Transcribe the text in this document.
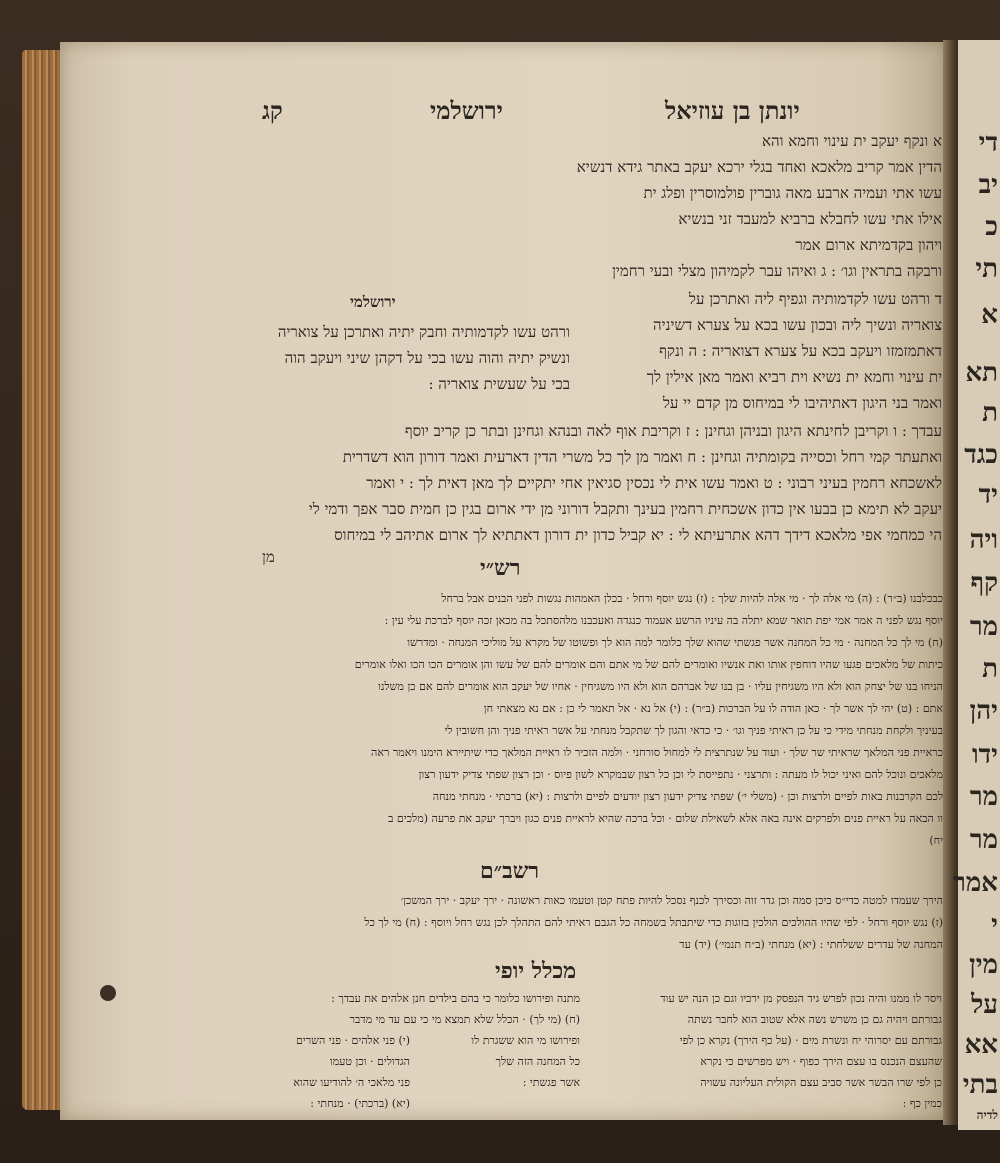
די
יב
כ
תי
א
תא
ת
כגד
יד
ויה
קף
מר
ת
יהן
ידו
מר
מר
אמר
י
מין
על
אא
בתי
לדיה
יונתן בן עוזיאל
ירושלמי
קג
א ונקף יעקב ית עינוי וחמא והא
הדין אמר קריב מלאכא ואחד בגלי ירכא יעקב באתר גידא דנשיא
עשו אתי ועמיה ארבע מאה גוברין פולמוסרין ופלג ית
אילו אתי עשו לחבלא ברביא למעבד זני בנשיא
ויהון בקדמיתא ארום אמר
ורבקה בתראין וגו׳ : ג ואיהו עבר לקמיהון מצלי ובעי רחמין
ד ורהט עשו לקדמותיה וגפיף ליה ואתרכן על
צואריה ונשיך ליה ובכון עשו בכא על צערא דשיניה
דאתמזמזו ויעקב בכא על צערא דצואריה : ה ונקף
ית עינוי וחמא ית נשיא וית רביא ואמר מאן אילין לך
ואמר בני היגון דאתיהיבו לי במיחוס מן קדם יי על
ירושלמי
ורהט עשו לקדמותיה וחבק יתיה ואתרכן על צואריה
ונשיק יתיה והוה עשו בכי על דקהן שיני ויעקב הוה
בכי על שעשית צואריה :
עבדך : ו וקריבן לחינתא היגון ובניהן וגחינן : ז וקריבת אוף לאה ובנהא וגחינן ובתר כן קריב יוסף
ואתעתר קמי רחל וכסייה בקומתיה וגחינן : ח ואמר מן לך כל משרי הדין דארעית ואמר דורון הוא דשדרית
לאשכחא רחמין בעיני רבוני : ט ואמר עשו אית לי נכסין סגיאין אחי יתקיים לך מאן דאית לך : י ואמר
יעקב לא תימא כן בבעו אין כדון אשכחית רחמין בעינך ותקבל דורוני מן ידי ארום בגין כן חמית סבר אפך ודמי לי
הי כמחמי אפי מלאכא דידך דהא אתרעיתא לי : יא קביל כדון ית דורון דאתתיא לך ארום אתיהב לי במיחוס
מן	רש״י
כבכלבנו (ב״ר) : (ה) מי אלה לך · מי אלה להיות שלך : (ז) נגש יוסף ורחל · בכלן האמהות נגשות לפני הבנים אבל ברחל
יוסף נגש לפני ה אמר אמי יפת תואר שמא יתלה בה עיניו הרשע אעמוד כנגדה ואעכבנו מלהסתכל בה מכאן זכה יוסף לברכת עלי עין :
(ח) מי לך כל המחנה · מי כל המחנה אשר פגשתי שהוא שלך כלומר למה הוא לך ופשוטו של מקרא על מוליכי המנחה · ומדרשו
כיתות של מלאכים פגעו שהיו דוחפין אותו ואת אנשיו ואומרים להם של מי אתם והם אומרים להם של עשו והן אומרים הכו הכו ואלו אומרים
הניחו בנו של יצחק הוא ולא היו משגיחין עליו · בן בנו של אברהם הוא ולא היו משגיחין · אחיו של יעקב הוא אומרים להם אם כן משלנו
אתם : (ט) יהי לך אשר לך · כאן הודה לו על הברכות (ב״ר) : (י) אל נא · אל תאמר לי כן : אם נא מצאתי חן
בעיניך ולקחת מנחתי מידי כי על כן ראיתי פניך וגו׳ · כי כדאי והגון לך שתקבל מנחתי על אשר ראיתי פניך והן חשובין לי
כראיית פני המלאך שראיתי שר שלך · ועוד על שנתרצית לי למחול סורחני · ולמה הזכיר לו ראיית המלאך כדי שיתיירא הימנו ויאמר ראה
מלאכים ונוכל להם ואיני יכול לו מעתה : ותרצני · נתפייסת לי וכן כל רצון שבמקרא לשון פיוס · וכן רצון שפתי צדיק ידעון רצון
לכם הקרבנות באות לפיים ולרצות וכן · (משלי י׳) שפתי צדיק ידעון רצון יודעים לפיים ולרצות : (יא) ברכתי · מנחתי מנחה
וו הבאה על ראיית פנים ולפרקים אינה באה אלא לשאילת שלום · וכל ברכה שהיא לראיית פנים כגון ויברך יעקב את פרעה (מלכים ב
יח)
רשב״ם
הירך שעמדו למטה כדי״ס כיכן סמה וכן גדר זוה וכסירך לכנף נסכל להיות פתח קטן וטעמו כאות ראשונה · ירך יעקב · ירך המשכן׳
(ז) נגש יוסף ורחל · לפי שהיו ההולכים הולכין בזוגות כדי שיתבתל בשמחה כל הגבם ראיתי להם התהלך לכן נגש רחל ויוסף : (ח) מי לך כל
המחנה של עדרים ששלחתי : (יא) מנחתי (ב״ח תנמי׳) (יד) עד
מכלל יופי
ויסר לו ממנו והיה נכון לפרש גיד הנפסק מן ירכיו וגם כן הנה יש עוד
גבורתם ויהיה גם כן משרש נשה אלא שטוב הוא לחבר נשתה
גבורתם עם יסרוהי יח ונשרת מים · (על כף הירך) נקרא כן לפי
שהעצם הנכנס בו עצם הירך כפוף · ויש מפרשים כי נקרא
כן לפי שרו הבשר אשר סביב עצם הקולית העליונה עשויה
כמין כף :
מתנה ופירושו כלומר כי בהם בילדים חנן אלהים את עבדך :
(ח) (מי לך) · הכלל שלא תמצא מי כי עם עד מי מדבר
ופירושו מי הוא ששגרת לו
כל המחנה הזה שלך
אשר פגשתי :
(יא) (ברכתי) · מנחתי :
(י) פני אלהים · פני השרים
הגדולים · וכן טעמו
פני מלאכי ה׳ להודיעו שהוא
